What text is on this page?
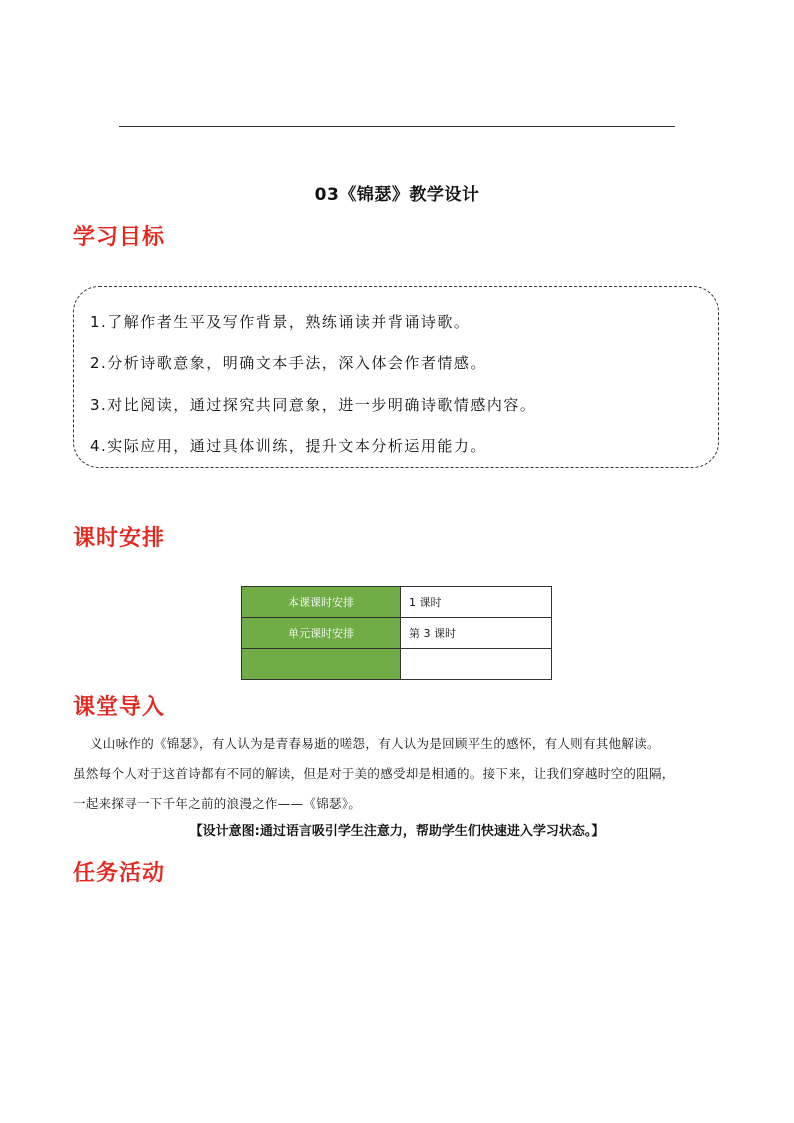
03《锦瑟》教学设计
学习目标
1.了解作者生平及写作背景，熟练诵读并背诵诗歌。
2.分析诗歌意象，明确文本手法，深入体会作者情感。
3.对比阅读，通过探究共同意象，进一步明确诗歌情感内容。
4.实际应用，通过具体训练，提升文本分析运用能力。
课时安排
本课课时安排	1 课时
单元课时安排	第 3 课时

课堂导入
义山咏作的《锦瑟》，有人认为是青春易逝的嗟怨，有人认为是回顾平生的感怀，有人则有其他解读。
虽然每个人对于这首诗都有不同的解读，但是对于美的感受却是相通的。接下来，让我们穿越时空的阻隔，
一起来探寻一下千年之前的浪漫之作——《锦瑟》。
【设计意图:通过语言吸引学生注意力，帮助学生们快速进入学习状态。】
任务活动
